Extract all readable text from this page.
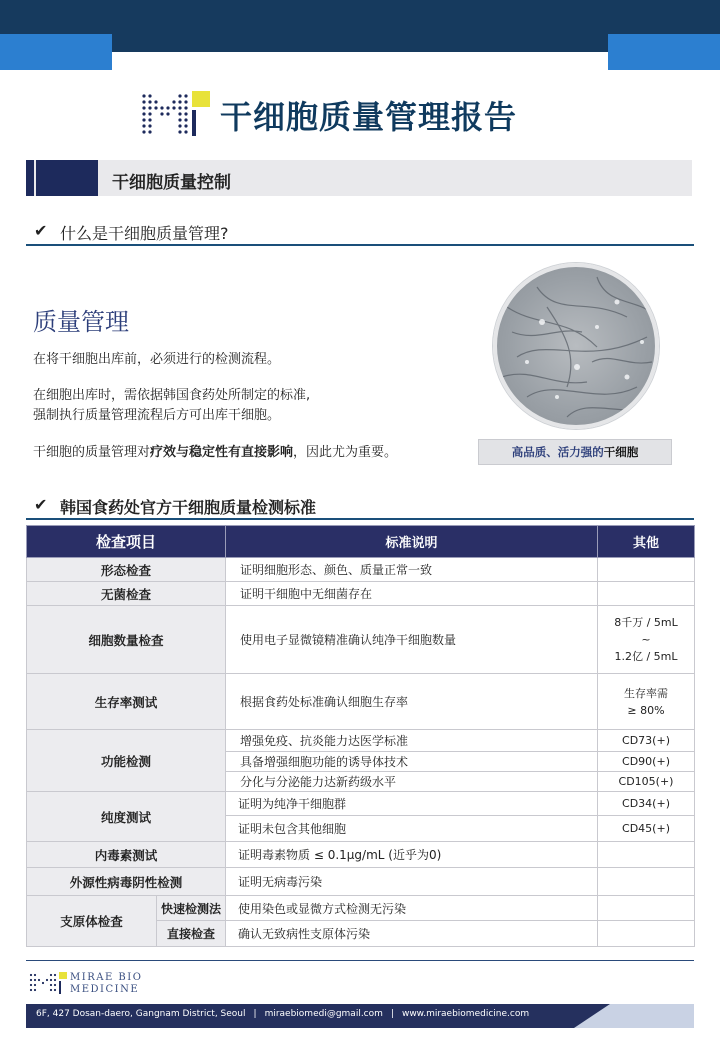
干细胞质量管理报告
干细胞质量控制
✔ 什么是干细胞质量管理?
质量管理
在将干细胞出库前，必须进行的检测流程。
在细胞出库时，需依据韩国食药处所制定的标准,
强制执行质量管理流程后方可出库干细胞。
干细胞的质量管理对疗效与稳定性有直接影响，因此尤为重要。	高品质、活力强的干细胞
✔ 韩国食药处官方干细胞质量检测标准
检查项目		标准说明	其他
形态检查		证明细胞形态、颜色、质量正常一致	
无菌检查		证明干细胞中无细菌存在	
细胞数量检查		使用电子显微镜精准确认纯净干细胞数量	8千万 / 5mL
~
1.2亿 / 5mL

生存率测试		根据食药处标准确认细胞生存率	生存率需
≥ 80%

功能检测		增强免疫、抗炎能力达医学标准	CD73(+)
		具备增强细胞功能的诱导体技术	CD90(+)
		分化与分泌能力达新药级水平	CD105(+)
纯度测试		证明为纯净干细胞群	CD34(+)
		证明未包含其他细胞	CD45(+)
内毒素测试		证明毒素物质 ≤ 0.1μg/mL (近乎为0)	
外源性病毒阴性检测		证明无病毒污染	
支原体检查	快速检测法	使用染色或显微方式检测无污染	
	直接检查	确认无致病性支原体污染	
MIRAE BIO
MEDICINE
6F, 427 Dosan-daero, Gangnam District, Seoul | miraebiomedi@gmail.com | www.miraebiomedicine.com
